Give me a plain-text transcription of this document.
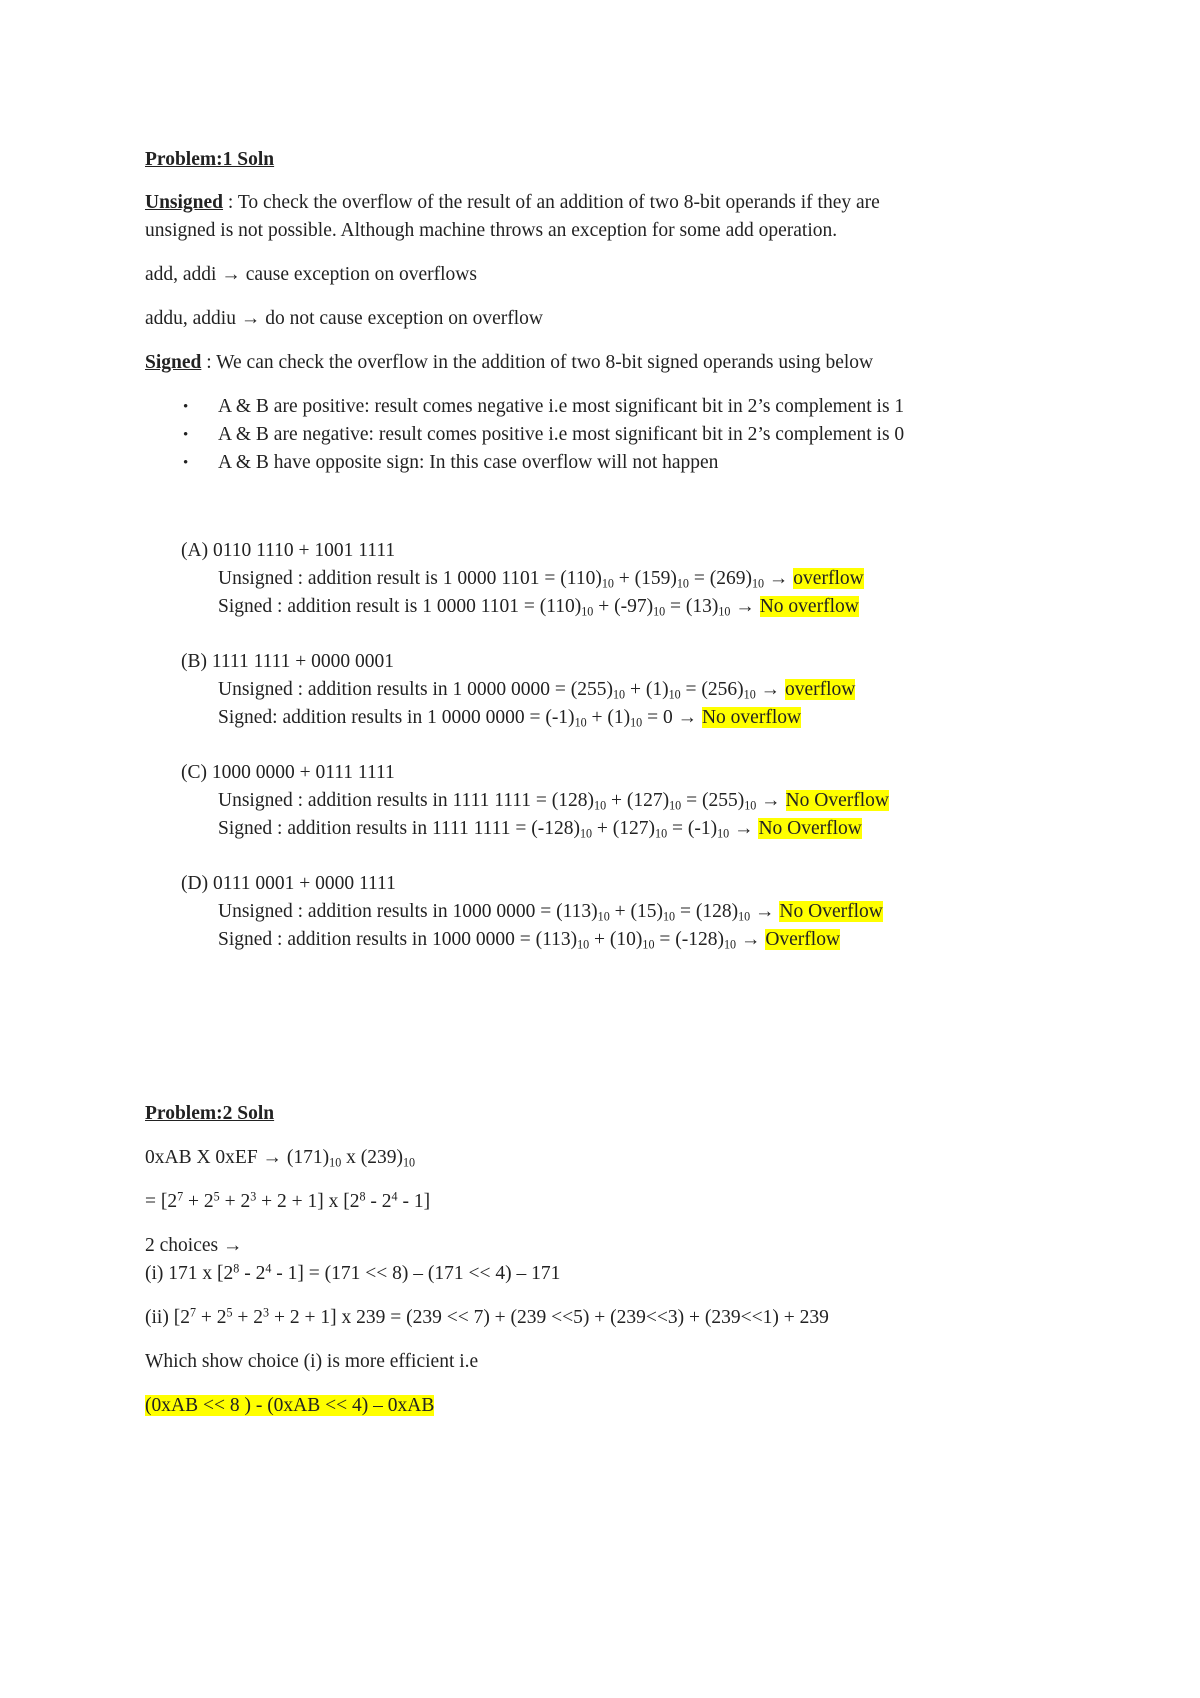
Problem:1 Soln
Unsigned : To check the overflow of the result of an addition of two 8-bit operands if they are
unsigned is not possible. Although machine throws an exception for some add operation.
add, addi → cause exception on overflows
addu, addiu → do not cause exception on overflow
Signed : We can check the overflow in the addition of two 8-bit signed operands using below
• A & B are positive: result comes negative i.e most significant bit in 2’s complement is 1
• A & B are negative: result comes positive i.e most significant bit in 2’s complement is 0
• A & B have opposite sign: In this case overflow will not happen
(A) 0110 1110 + 1001 1111
Unsigned : addition result is 1 0000 $1101 = (110)_{10} + (159)_{10} = (269)_{10}$ → overflow
Signed : addition result is 1 0000 $1101 = (110)_{10} + (-97)_{10} = (13)_{10} \to No$ overflow
(B) 1111 1111 + 0000 0001
Unsigned : addition results in 1 0000 $0000 = (255)_{10} + (1)_{10} = (256)_{10}$ → overflow
Signed: addition results in 1 0000 $0000 = (-1)_{10} + (1)_{10} = 0 \to No$ overflow
(C) 1000 0000 + 0111 1111
Unsigned : addition results in 1111 $1111 = (128)_{10} + (127)_{10} = (255)_{10} \to No$ Overflow
Signed : addition results in 1111 $1111 = (-128)_{10} + (127)_{10} = (-1)_{10} \to No$ Overflow
(D) 0111 0001 + 0000 1111
Unsigned : addition results in 1000 $0000 = (113)_{10} + (15)_{10} = (128)_{10} \to No$ Overflow
Signed : addition results in 1000 $0000 = (113)_{10} + (10)_{10} = (-128)_{10}$ → Overflow
Problem:2 Soln
0xAB X $0xEF \to (171)_{10}$ x $(239)_{10}$
= $[2^7 + 2^5 + 2^3 + 2 + 1]$ x $[2^8 - 2^4 - 1]$
2 choices →
(i) 171 x $[2^8 - 2^4 - 1] = (171 << 8) - (171 << 4) - 171$
(ii) $[2^7 + 2^5 + 2^3 + 2 + 1]$ x 239 = (239 << 7) + (239 <<5) + (239<<3) + (239<<1) + 239
Which show choice (i) is more efficient i.e
(0xAB << 8 ) - (0xAB << 4) – 0xAB
